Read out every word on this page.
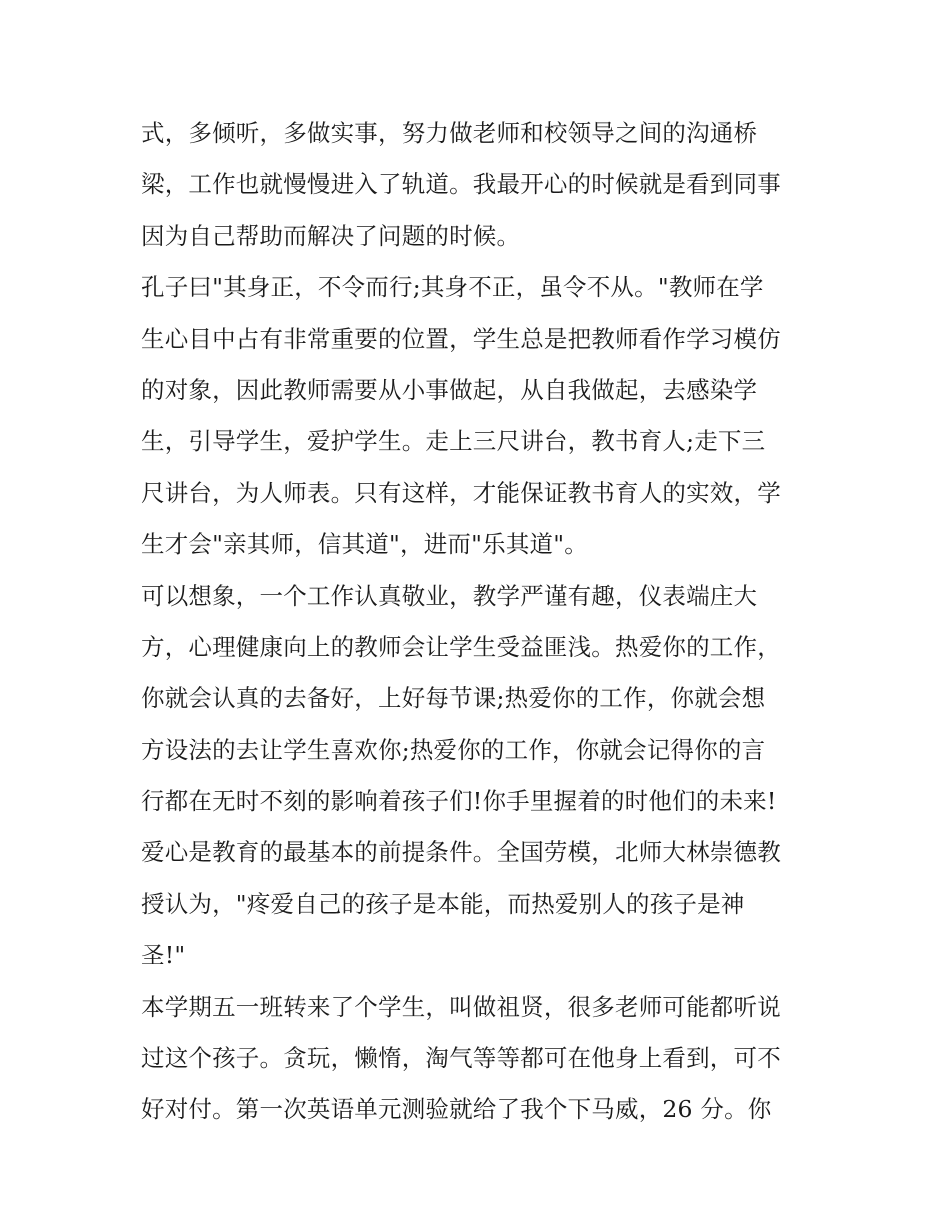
式，多倾听，多做实事，努力做老师和校领导之间的沟通桥
梁，工作也就慢慢进入了轨道。我最开心的时候就是看到同事
因为自己帮助而解决了问题的时候。
孔子曰"其身正，不令而行;其身不正，虽令不从。"教师在学
生心目中占有非常重要的位置，学生总是把教师看作学习模仿
的对象，因此教师需要从小事做起，从自我做起，去感染学
生，引导学生，爱护学生。走上三尺讲台，教书育人;走下三
尺讲台，为人师表。只有这样，才能保证教书育人的实效，学
生才会"亲其师，信其道"，进而"乐其道"。
可以想象，一个工作认真敬业，教学严谨有趣，仪表端庄大
方，心理健康向上的教师会让学生受益匪浅。热爱你的工作，
你就会认真的去备好，上好每节课;热爱你的工作，你就会想
方设法的去让学生喜欢你;热爱你的工作，你就会记得你的言
行都在无时不刻的影响着孩子们!你手里握着的时他们的未来!
爱心是教育的最基本的前提条件。全国劳模，北师大林崇德教
授认为，"疼爱自己的孩子是本能，而热爱别人的孩子是神
圣!"
本学期五一班转来了个学生，叫做祖贤，很多老师可能都听说
过这个孩子。贪玩，懒惰，淘气等等都可在他身上看到，可不
好对付。第一次英语单元测验就给了我个下马威，26 分。你
